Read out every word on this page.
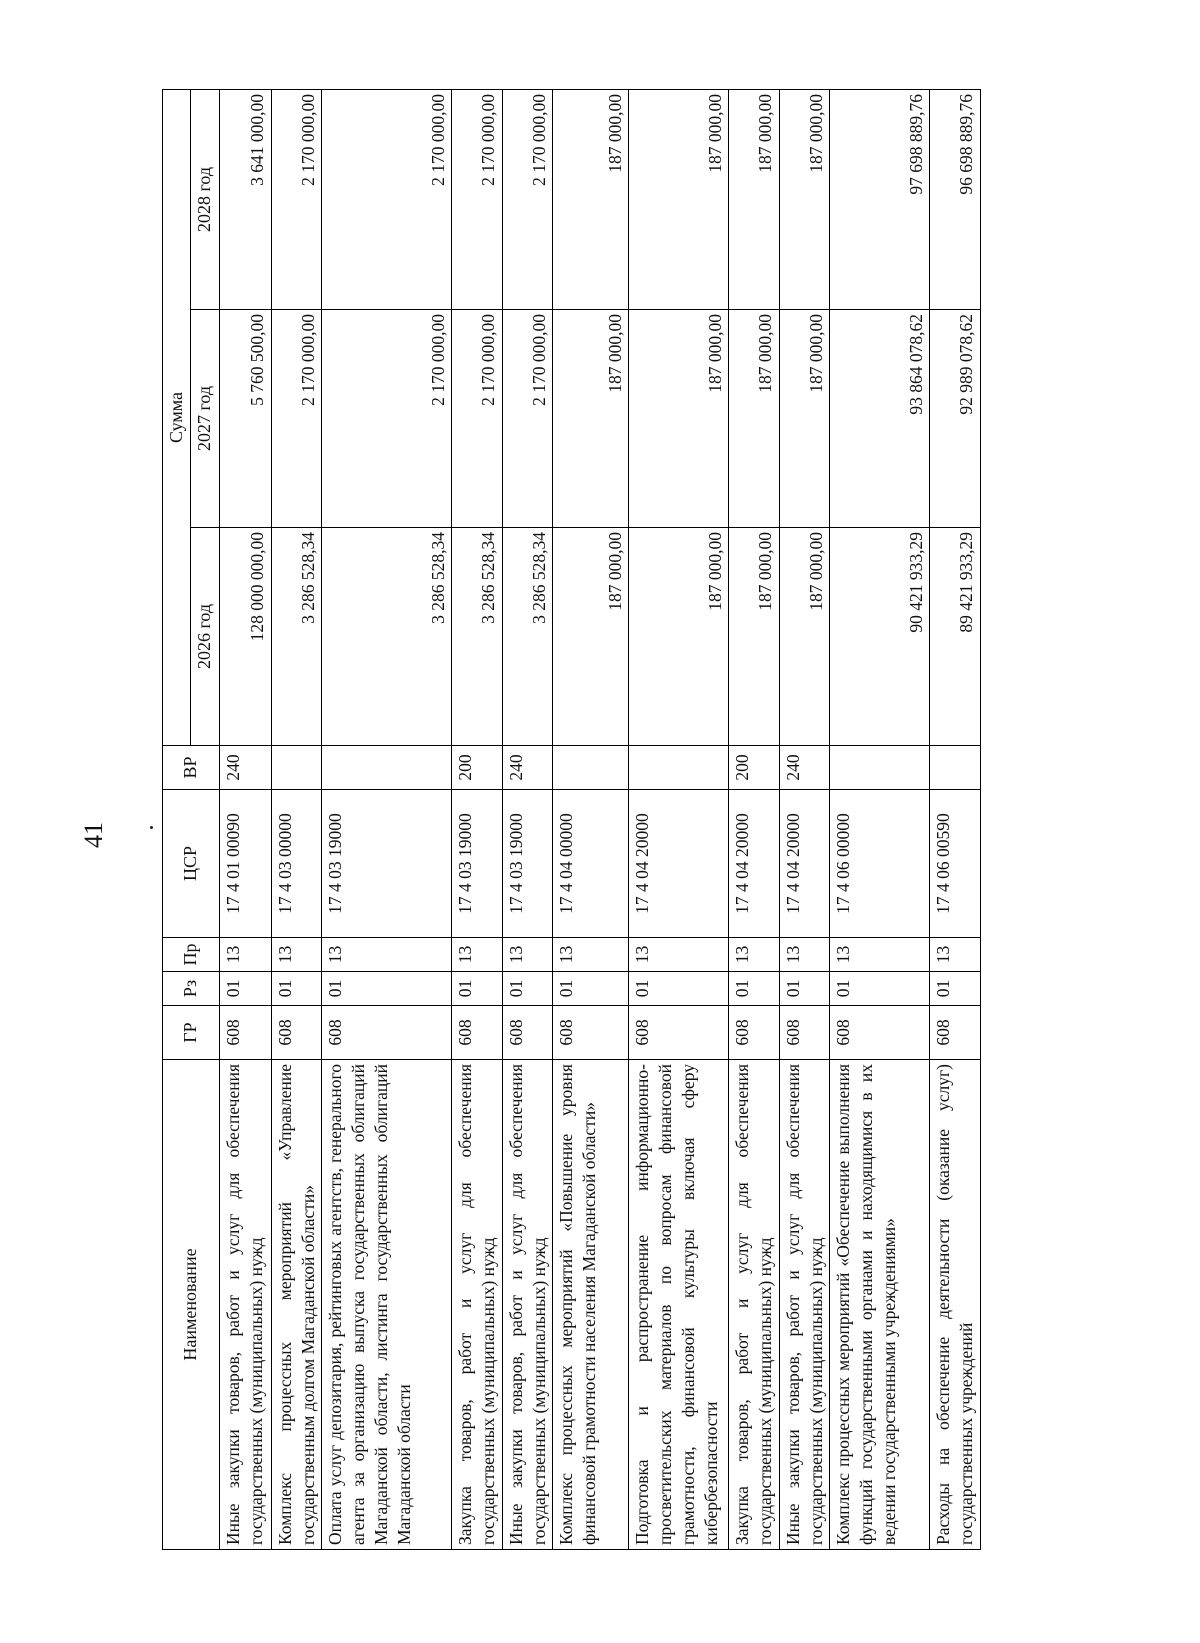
41
Наименование	ГР	Рз	Пр	ЦСР	ВР	Сумма		
						2026 год	2027 год	2028 год
Иные закупки товаров, работ и услуг для обеспечения государственных (муниципальных) нужд	608	01	13	17 4 01 00090	240	128 000 000,00	5 760 500,00	3 641 000,00
Комплекс процессных мероприятий «Управление государственным долгом Магаданской области»	608	01	13	17 4 03 00000		3 286 528,34	2 170 000,00	2 170 000,00
Оплата услуг депозитария, рейтинговых агентств, генерального агента за организацию выпуска государственных облигаций Магаданской области, листинга государственных облигаций Магаданской области	608	01	13	17 4 03 19000		3 286 528,34	2 170 000,00	2 170 000,00
Закупка товаров, работ и услуг для обеспечения государственных (муниципальных) нужд	608	01	13	17 4 03 19000	200	3 286 528,34	2 170 000,00	2 170 000,00
Иные закупки товаров, работ и услуг для обеспечения государственных (муниципальных) нужд	608	01	13	17 4 03 19000	240	3 286 528,34	2 170 000,00	2 170 000,00
Комплекс процессных мероприятий «Повышение уровня финансовой грамотности населения Магаданской области»	608	01	13	17 4 04 00000		187 000,00	187 000,00	187 000,00
Подготовка и распространение информационно-просветительских материалов по вопросам финансовой грамотности, финансовой культуры включая сферу кибербезопасности	608	01	13	17 4 04 20000		187 000,00	187 000,00	187 000,00
Закупка товаров, работ и услуг для обеспечения государственных (муниципальных) нужд	608	01	13	17 4 04 20000	200	187 000,00	187 000,00	187 000,00
Иные закупки товаров, работ и услуг для обеспечения государственных (муниципальных) нужд	608	01	13	17 4 04 20000	240	187 000,00	187 000,00	187 000,00
Комплекс процессных мероприятий «Обеспечение выполнения функций государственными органами и находящимися в их ведении государственными учреждениями»	608	01	13	17 4 06 00000		90 421 933,29	93 864 078,62	97 698 889,76
Расходы на обеспечение деятельности (оказание услуг) государственных учреждений	608	01	13	17 4 06 00590		89 421 933,29	92 989 078,62	96 698 889,76
